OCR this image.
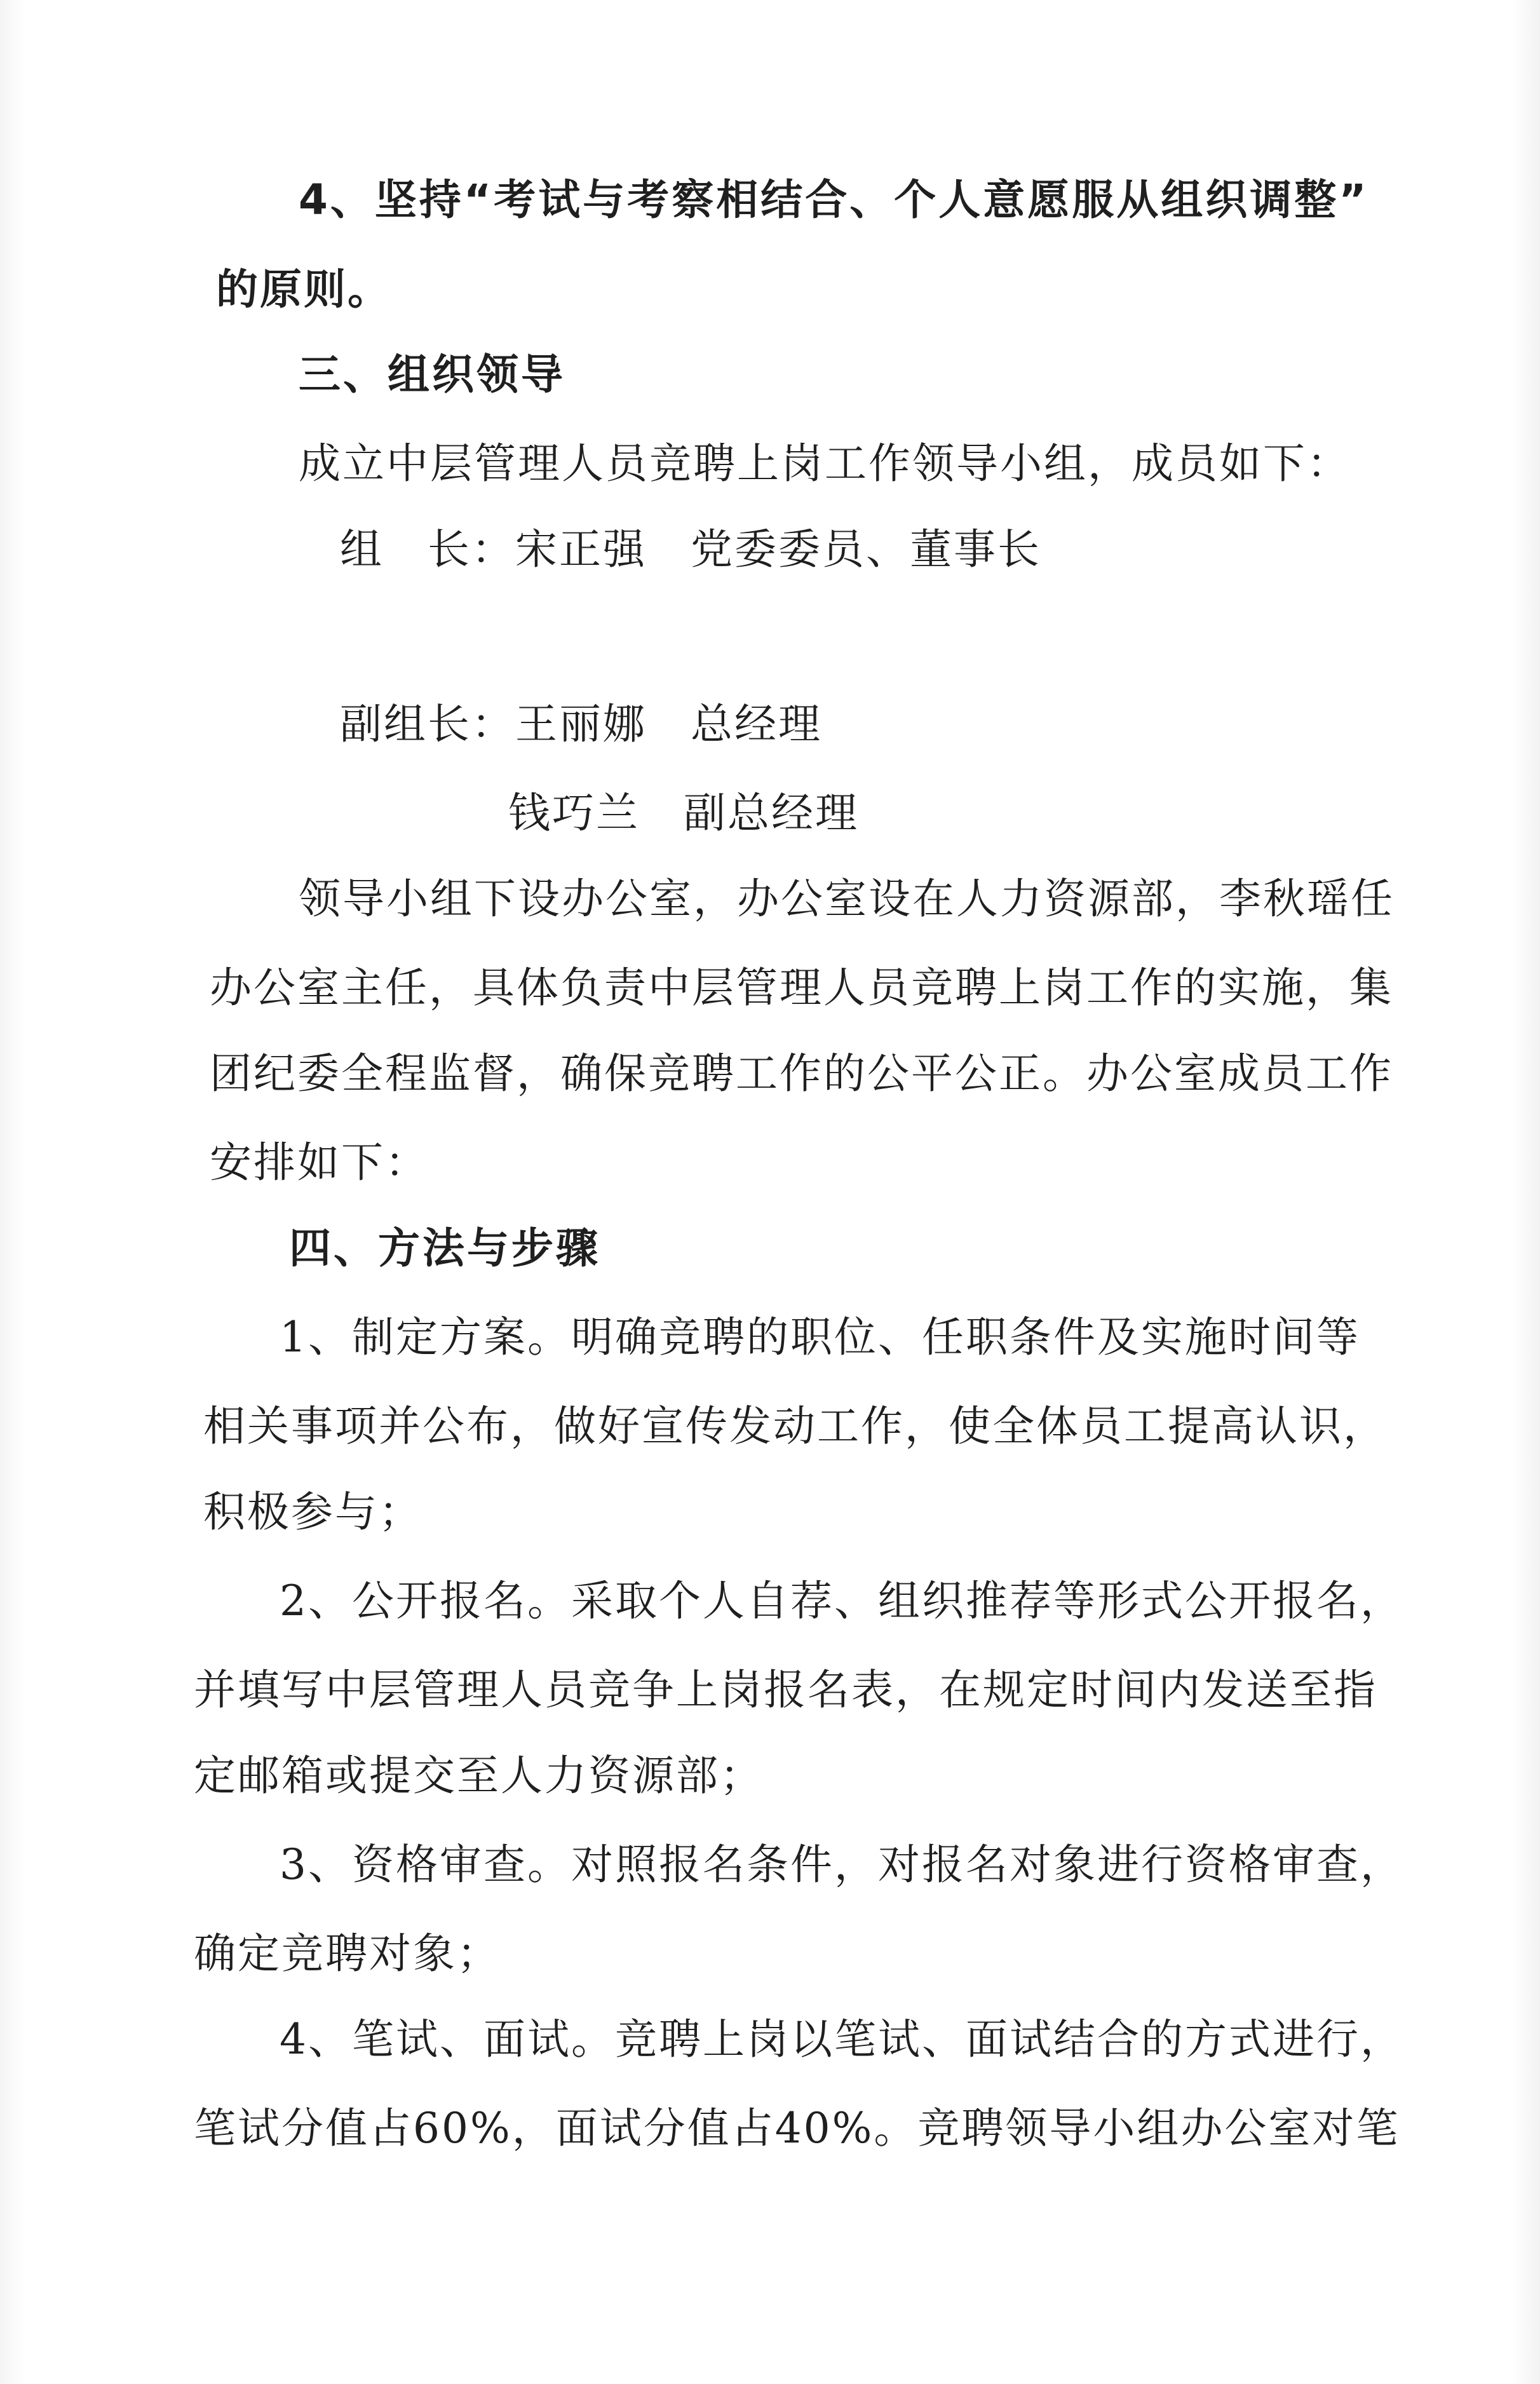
4、坚持“考试与考察相结合、个人意愿服从组织调整”
的原则。
三、组织领导
成立中层管理人员竞聘上岗工作领导小组，成员如下：
组　长：宋正强　党委委员、董事长
副组长：王丽娜　总经理
钱巧兰　副总经理
领导小组下设办公室，办公室设在人力资源部，李秋瑶任
办公室主任，具体负责中层管理人员竞聘上岗工作的实施，集
团纪委全程监督，确保竞聘工作的公平公正。办公室成员工作
安排如下：
四、方法与步骤
1、制定方案。明确竞聘的职位、任职条件及实施时间等
相关事项并公布，做好宣传发动工作，使全体员工提高认识，
积极参与；
2、公开报名。采取个人自荐、组织推荐等形式公开报名，
并填写中层管理人员竞争上岗报名表，在规定时间内发送至指
定邮箱或提交至人力资源部；
3、资格审查。对照报名条件，对报名对象进行资格审查，
确定竞聘对象；
4、笔试、面试。竞聘上岗以笔试、面试结合的方式进行，
笔试分值占60%，面试分值占40%。竞聘领导小组办公室对笔
